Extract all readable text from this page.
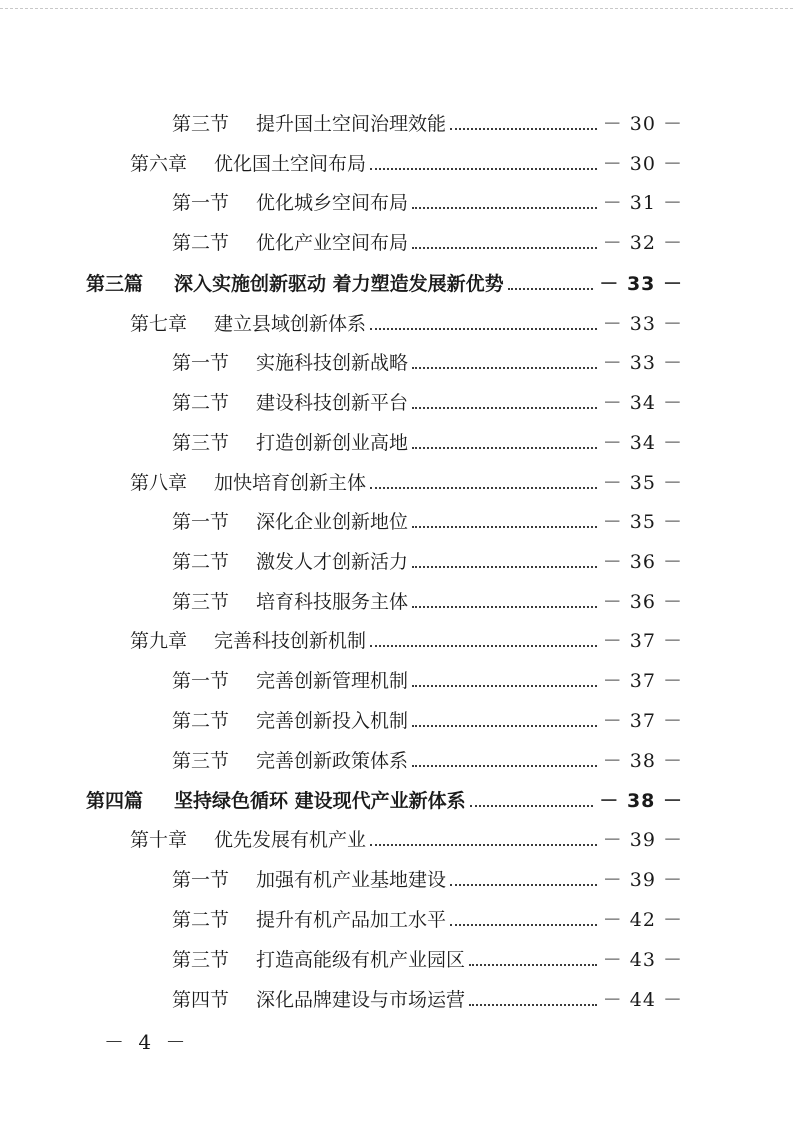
第三节	提升国土空间治理效能	－ 30 －
第六章	优化国土空间布局	－ 30 －
第一节	优化城乡空间布局	－ 31 －
第二节	优化产业空间布局	－ 32 －
第三篇	深入实施创新驱动 着力塑造发展新优势	－ 33 －
第七章	建立县域创新体系	－ 33 －
第一节	实施科技创新战略	－ 33 －
第二节	建设科技创新平台	－ 34 －
第三节	打造创新创业高地	－ 34 －
第八章	加快培育创新主体	－ 35 －
第一节	深化企业创新地位	－ 35 －
第二节	激发人才创新活力	－ 36 －
第三节	培育科技服务主体	－ 36 －
第九章	完善科技创新机制	－ 37 －
第一节	完善创新管理机制	－ 37 －
第二节	完善创新投入机制	－ 37 －
第三节	完善创新政策体系	－ 38 －
第四篇	坚持绿色循环 建设现代产业新体系	－ 38 －
第十章	优先发展有机产业	－ 39 －
第一节	加强有机产业基地建设	－ 39 －
第二节	提升有机产品加工水平	－ 42 －
第三节	打造高能级有机产业园区	－ 43 －
第四节	深化品牌建设与市场运营	－ 44 －
－ 4 －
